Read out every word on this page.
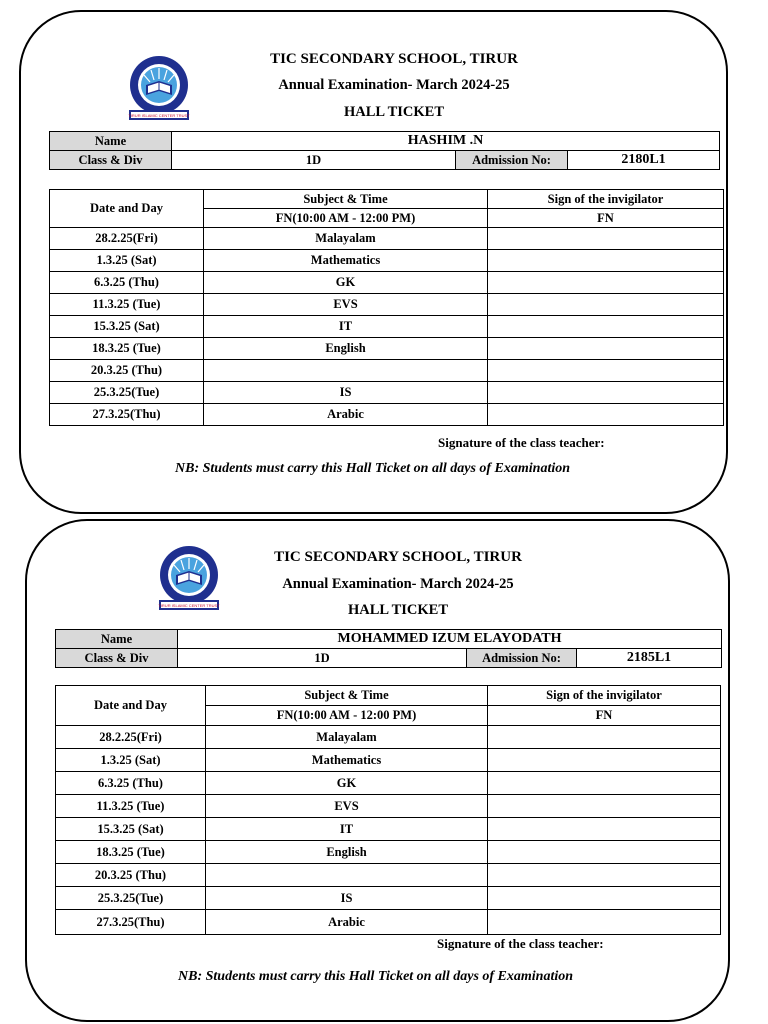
TIRUR ISLAMIC CENTER TRUST
TIC SECONDARY SCHOOL, TIRUR
Annual Examination- March 2024-25
HALL TICKET
Name	HASHIM .N		
Class & Div	1D	Admission No:	2180L1
Date and Day	Subject & Time	Sign of the invigilator
	FN(10:00 AM - 12:00 PM)	FN
28.2.25(Fri)	Malayalam	
1.3.25 (Sat)	Mathematics	
6.3.25 (Thu)	GK	
11.3.25 (Tue)	EVS	
15.3.25 (Sat)	IT	
18.3.25 (Tue)	English	
20.3.25 (Thu)		
25.3.25(Tue)	IS	
27.3.25(Thu)	Arabic	
Signature of the class teacher:
NB: Students must carry this Hall Ticket on all days of Examination
TIRUR ISLAMIC CENTER TRUST
TIC SECONDARY SCHOOL, TIRUR
Annual Examination- March 2024-25
HALL TICKET
Name	MOHAMMED IZUM ELAYODATH		
Class & Div	1D	Admission No:	2185L1
Date and Day	Subject & Time	Sign of the invigilator
	FN(10:00 AM - 12:00 PM)	FN
28.2.25(Fri)	Malayalam	
1.3.25 (Sat)	Mathematics	
6.3.25 (Thu)	GK	
11.3.25 (Tue)	EVS	
15.3.25 (Sat)	IT	
18.3.25 (Tue)	English	
20.3.25 (Thu)		
25.3.25(Tue)	IS	
27.3.25(Thu)	Arabic	
Signature of the class teacher:
NB: Students must carry this Hall Ticket on all days of Examination
